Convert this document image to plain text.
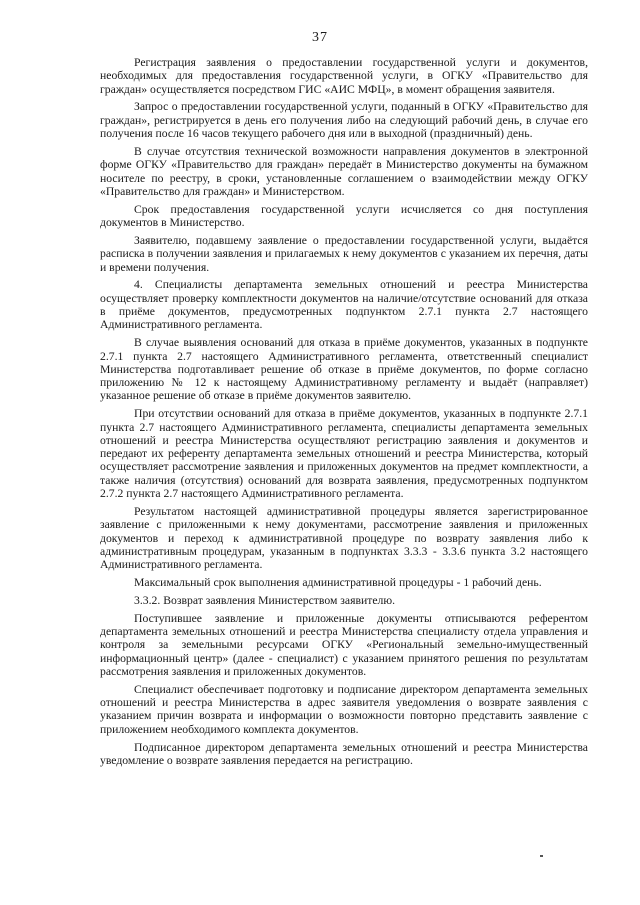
37

Регистрация заявления о предоставлении государственной услуги и документов, необходимых для предоставления государственной услуги, в ОГКУ «Правительство для граждан» осуществляется посредством ГИС «АИС МФЦ», в момент обращения заявителя.

Запрос о предоставлении государственной услуги, поданный в ОГКУ «Правительство для граждан», регистрируется в день его получения либо на следующий рабочий день, в случае его получения после 16 часов текущего рабочего дня или в выходной (праздничный) день.

В случае отсутствия технической возможности направления документов в электронной форме ОГКУ «Правительство для граждан» передаёт в Министерство документы на бумажном носителе по реестру, в сроки, установленные соглашением о взаимодействии между ОГКУ «Правительство для граждан» и Министерством.

Срок предоставления государственной услуги исчисляется со дня поступления документов в Министерство.

Заявителю, подавшему заявление о предоставлении государственной услуги, выдаётся расписка в получении заявления и прилагаемых к нему документов с указанием их перечня, даты и времени получения.

4. Специалисты департамента земельных отношений и реестра Министерства осуществляет проверку комплектности документов на наличие/отсутствие оснований для отказа в приёме документов, предусмотренных подпунктом 2.7.1 пункта 2.7 настоящего Административного регламента.

В случае выявления оснований для отказа в приёме документов, указанных в подпункте 2.7.1 пункта 2.7 настоящего Административного регламента, ответственный специалист Министерства подготавливает решение об отказе в приёме документов, по форме согласно приложению № 12 к настоящему Административному регламенту и выдаёт (направляет) указанное решение об отказе в приёме документов заявителю.

При отсутствии оснований для отказа в приёме документов, указанных в подпункте 2.7.1 пункта 2.7 настоящего Административного регламента, специалисты департамента земельных отношений и реестра Министерства осуществляют регистрацию заявления и документов и передают их референту департамента земельных отношений и реестра Министерства, который осуществляет рассмотрение заявления и приложенных документов на предмет комплектности, а также наличия (отсутствия) оснований для возврата заявления, предусмотренных подпунктом 2.7.2 пункта 2.7 настоящего Административного регламента.

Результатом настоящей административной процедуры является зарегистрированное заявление с приложенными к нему документами, рассмотрение заявления и приложенных документов и переход к административной процедуре по возврату заявления либо к административным процедурам, указанным в подпунктах 3.3.3 - 3.3.6 пункта 3.2 настоящего Административного регламента.

Максимальный срок выполнения административной процедуры - 1 рабочий день.

3.3.2. Возврат заявления Министерством заявителю.

Поступившее заявление и приложенные документы отписываются референтом департамента земельных отношений и реестра Министерства специалисту отдела управления и контроля за земельными ресурсами ОГКУ «Региональный земельно-имущественный информационный центр» (далее - специалист) с указанием принятого решения по результатам рассмотрения заявления и приложенных документов.

Специалист обеспечивает подготовку и подписание директором департамента земельных отношений и реестра Министерства в адрес заявителя уведомления о возврате заявления с указанием причин возврата и информации о возможности повторно представить заявление с приложением необходимого комплекта документов.

Подписанное директором департамента земельных отношений и реестра Министерства уведомление о возврате заявления передается на регистрацию.
